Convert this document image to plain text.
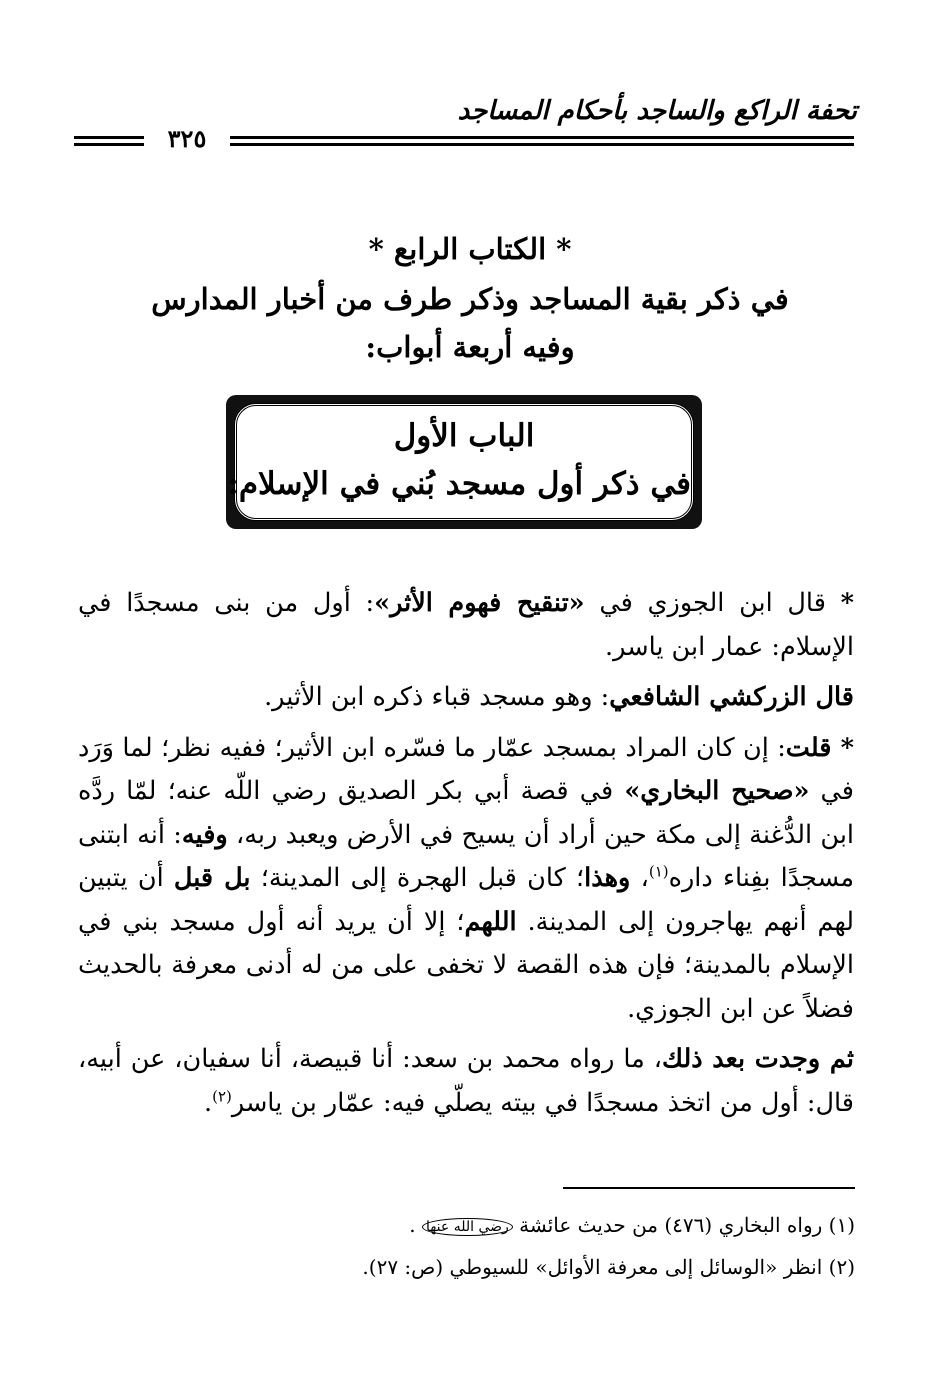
تحفة الراكع والساجد بأحكام المساجد
٣٢٥
* الكتاب الرابع *
في ذكر بقية المساجد وذكر طرف من أخبار المدارس
وفيه أربعة أبواب:
الباب الأول
في ذكر أول مسجد بُني في الإسلام:

* قال ابن الجوزي في «تنقيح فهوم الأثر»: أول من بنى مسجدًا في الإسلام: عمار ابن ياسر.

قال الزركشي الشافعي: وهو مسجد قباء ذكره ابن الأثير.

* قلت: إن كان المراد بمسجد عمّار ما فسّره ابن الأثير؛ ففيه نظر؛ لما وَرَد في «صحيح البخاري» في قصة أبي بكر الصديق رضي اللّه عنه؛ لمّا ردَّه ابن الدُّغنة إلى مكة حين أراد أن يسيح في الأرض ويعبد ربه، وفيه: أنه ابتنى مسجدًا بفِناء داره$^{(١)}$، وهذا؛ كان قبل الهجرة إلى المدينة؛ بل قبل أن يتبين لهم أنهم يهاجرون إلى المدينة. اللهم؛ إلا أن يريد أنه أول مسجد بني في الإسلام بالمدينة؛ فإن هذه القصة لا تخفى على من له أدنى معرفة بالحديث فضلاً عن ابن الجوزي.

ثم وجدت بعد ذلك، ما رواه محمد بن سعد: أنا قبيصة، أنا سفيان، عن أبيه، قال: أول من اتخذ مسجدًا في بيته يصلّي فيه: عمّار بن ياسر$^{(٢)}$.

(١) رواه البخاري (٤٧٦) من حديث عائشة رضي الله عنها .
(٢) انظر «الوسائل إلى معرفة الأوائل» للسيوطي (ص: ٢٧).
